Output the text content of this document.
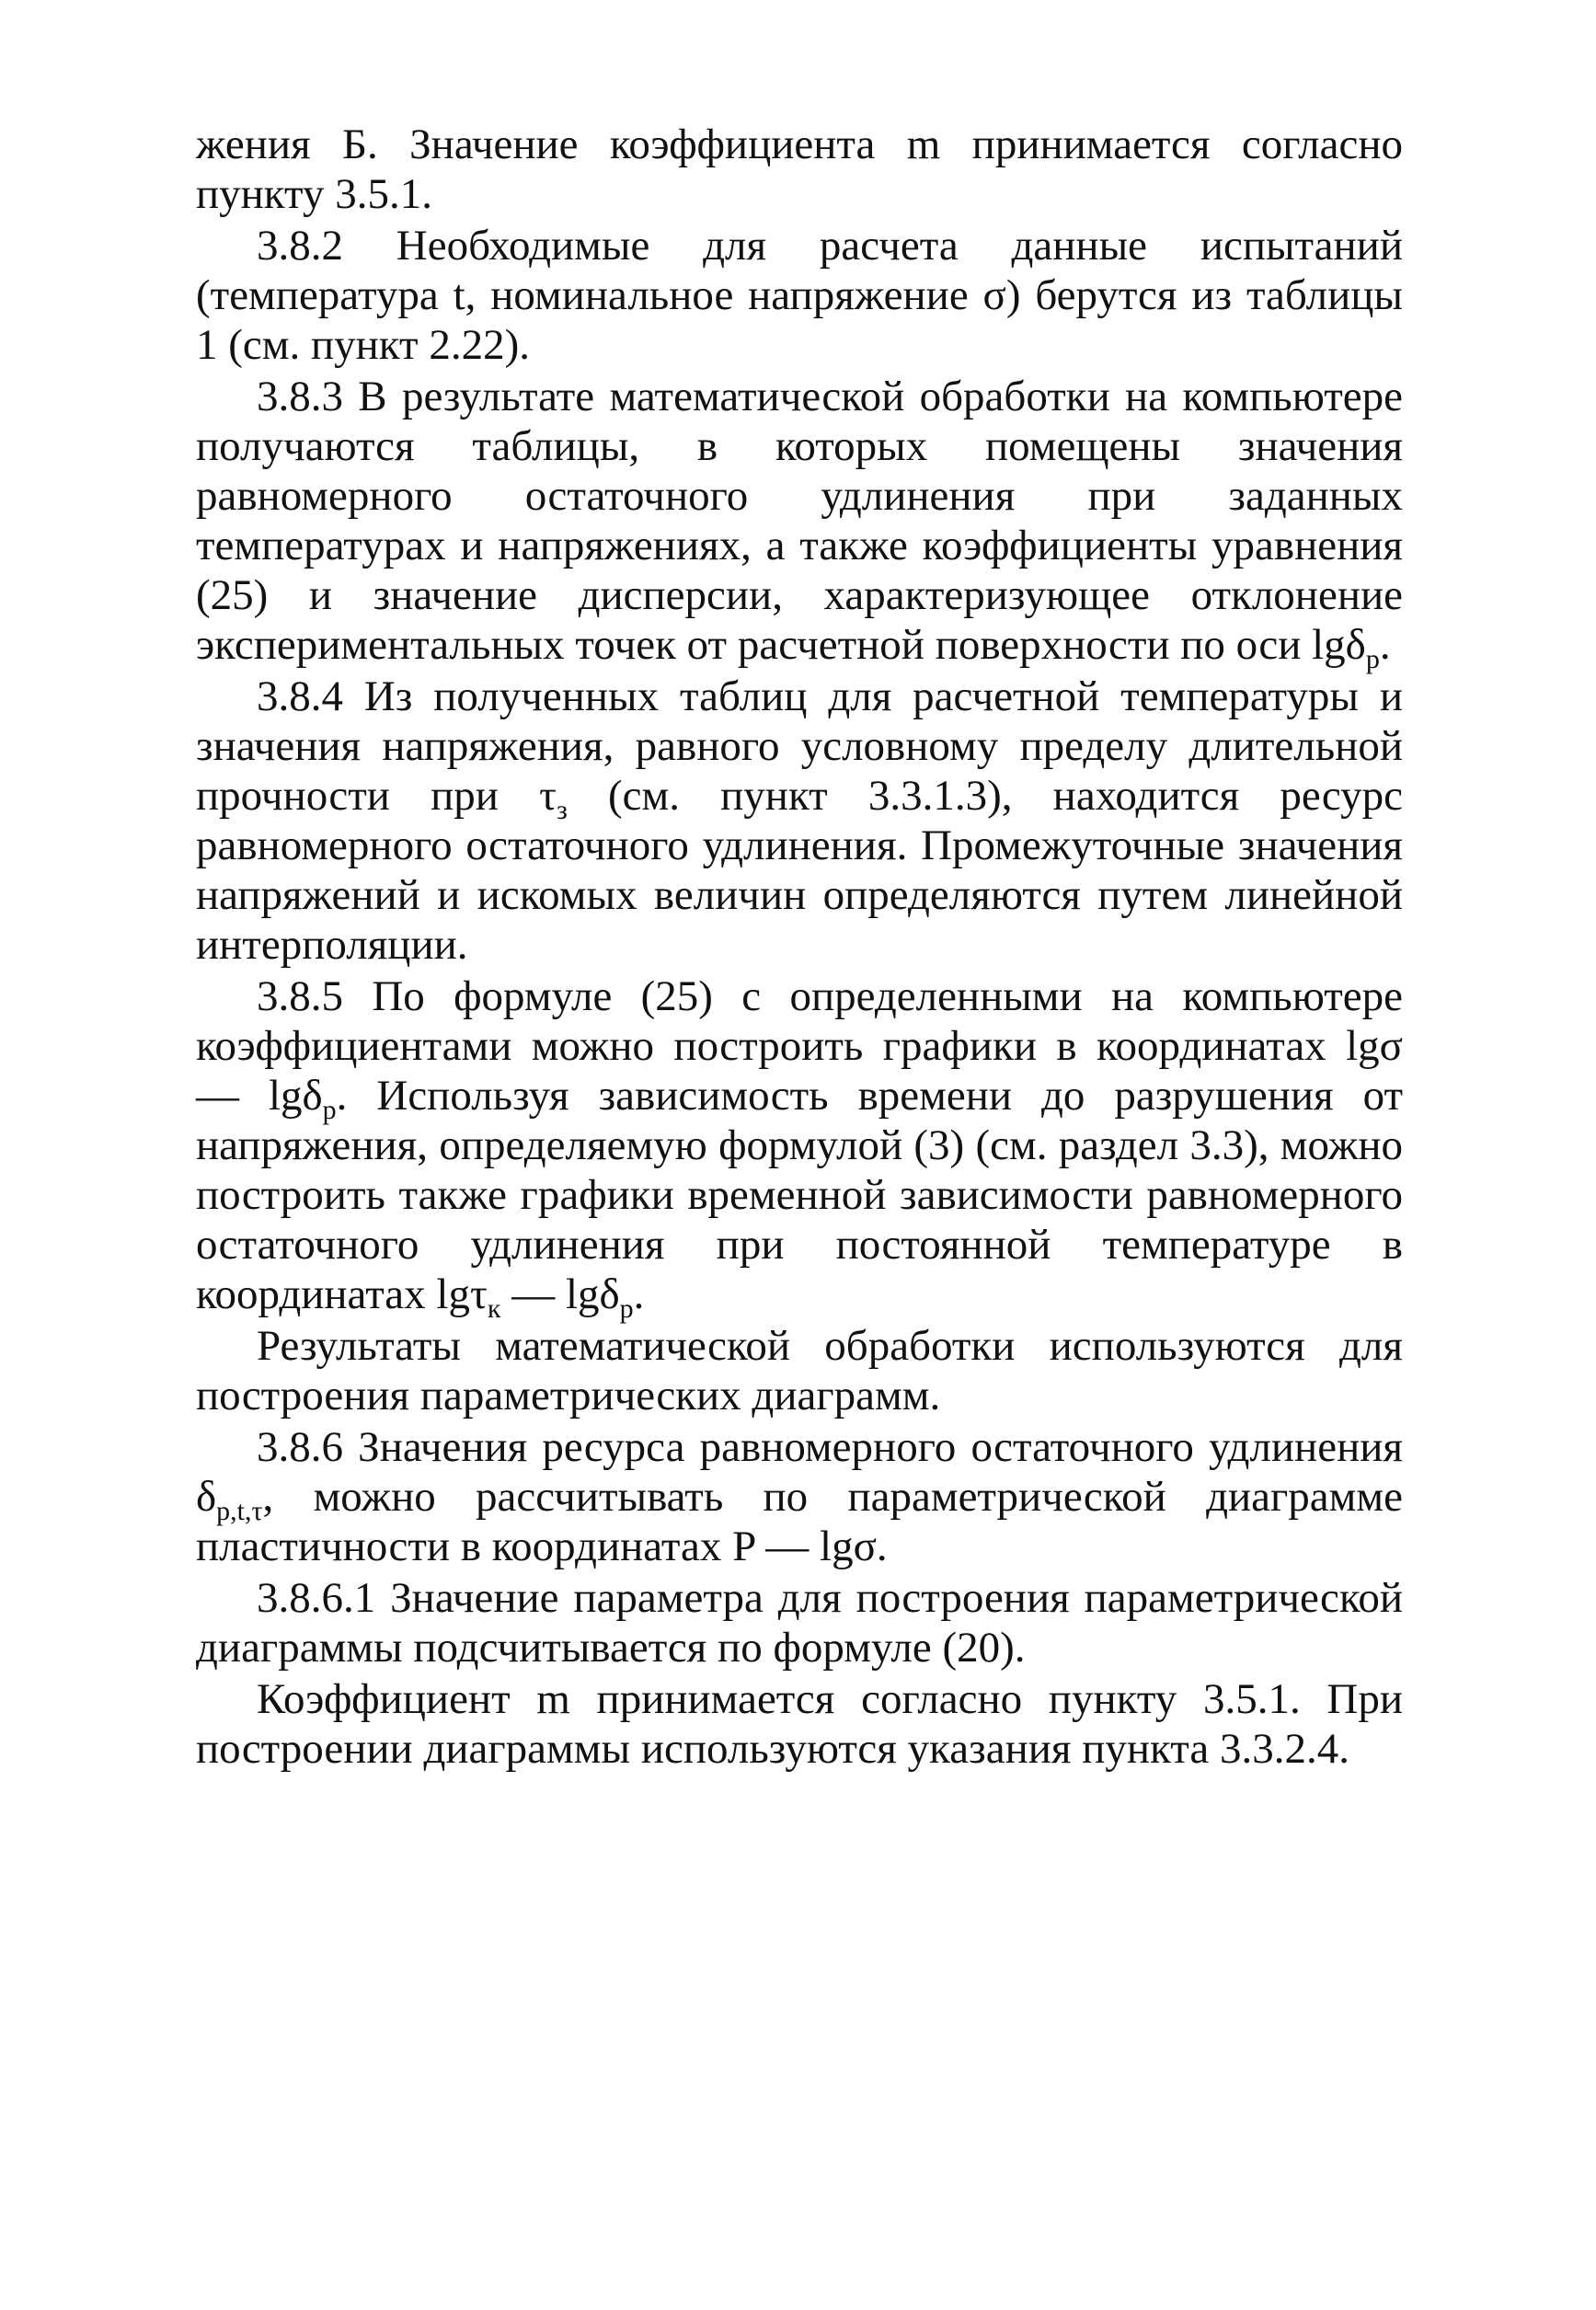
жения Б. Значение коэффициента m принимается согласно пункту 3.5.1.

3.8.2 Необходимые для расчета данные испытаний (температура t, номинальное напряжение σ) берутся из таблицы 1 (см. пункт 2.22).

3.8.3 В результате математической обработки на компьютере получаются таблицы, в которых помещены значения равномерного остаточного удлинения при заданных температурах и напряжениях, а также коэффициенты уравнения (25) и значение дисперсии, характеризующее отклонение экспериментальных точек от расчетной поверхности по оси lgδ$_р$.

3.8.4 Из полученных таблиц для расчетной температуры и значения напряжения, равного условному пределу длительной прочности при $\tau_з$ (см. пункт 3.3.1.3), находится ресурс равномерного остаточного удлинения. Промежуточные значения напряжений и искомых величин определяются путем линейной интерполяции.

3.8.5 По формуле (25) с определенными на компьютере коэффициентами можно построить графики в координатах lgσ — lgδ$_р$. Используя зависимость времени до разрушения от напряжения, определяемую формулой (3) (см. раздел 3.3), можно построить также графики временной зависимости равномерного остаточного удлинения при постоянной температуре в координатах lgτ$_к$ — lgδ$_р$.

Результаты математической обработки используются для построения параметрических диаграмм.

3.8.6 Значения ресурса равномерного остаточного удлинения $\delta_{р,t,\tau}$, можно рассчитывать по параметрической диаграмме пластичности в координатах P — lgσ.

3.8.6.1 Значение параметра для построения параметрической диаграммы подсчитывается по формуле (20).

Коэффициент m принимается согласно пункту 3.5.1. При построении диаграммы используются указания пункта 3.3.2.4.
